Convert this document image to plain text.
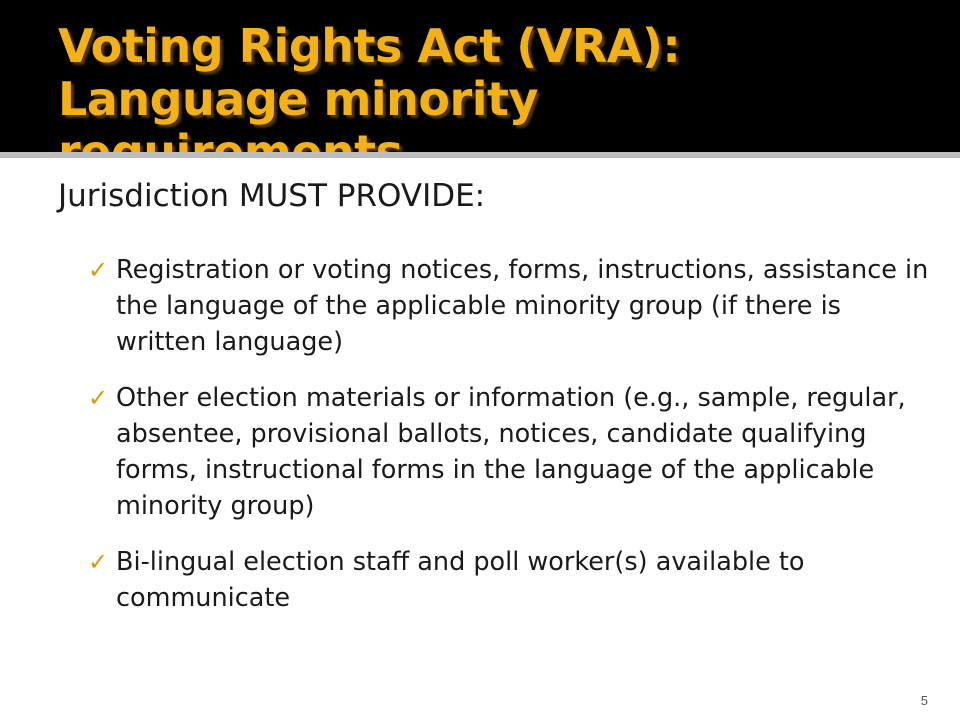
Voting Rights Act (VRA):
Language minority
Jurisdiction MUST PROVIDE:
✓ Registration or voting notices, forms, instructions, assistance in the language of the applicable minority group (if there is written language)
✓ Other election materials or information (e.g., sample, regular, absentee, provisional ballots, notices, candidate qualifying forms, instructional forms in the language of the applicable minority group)
✓ Bi-lingual election staff and poll worker(s) available to communicate
5
